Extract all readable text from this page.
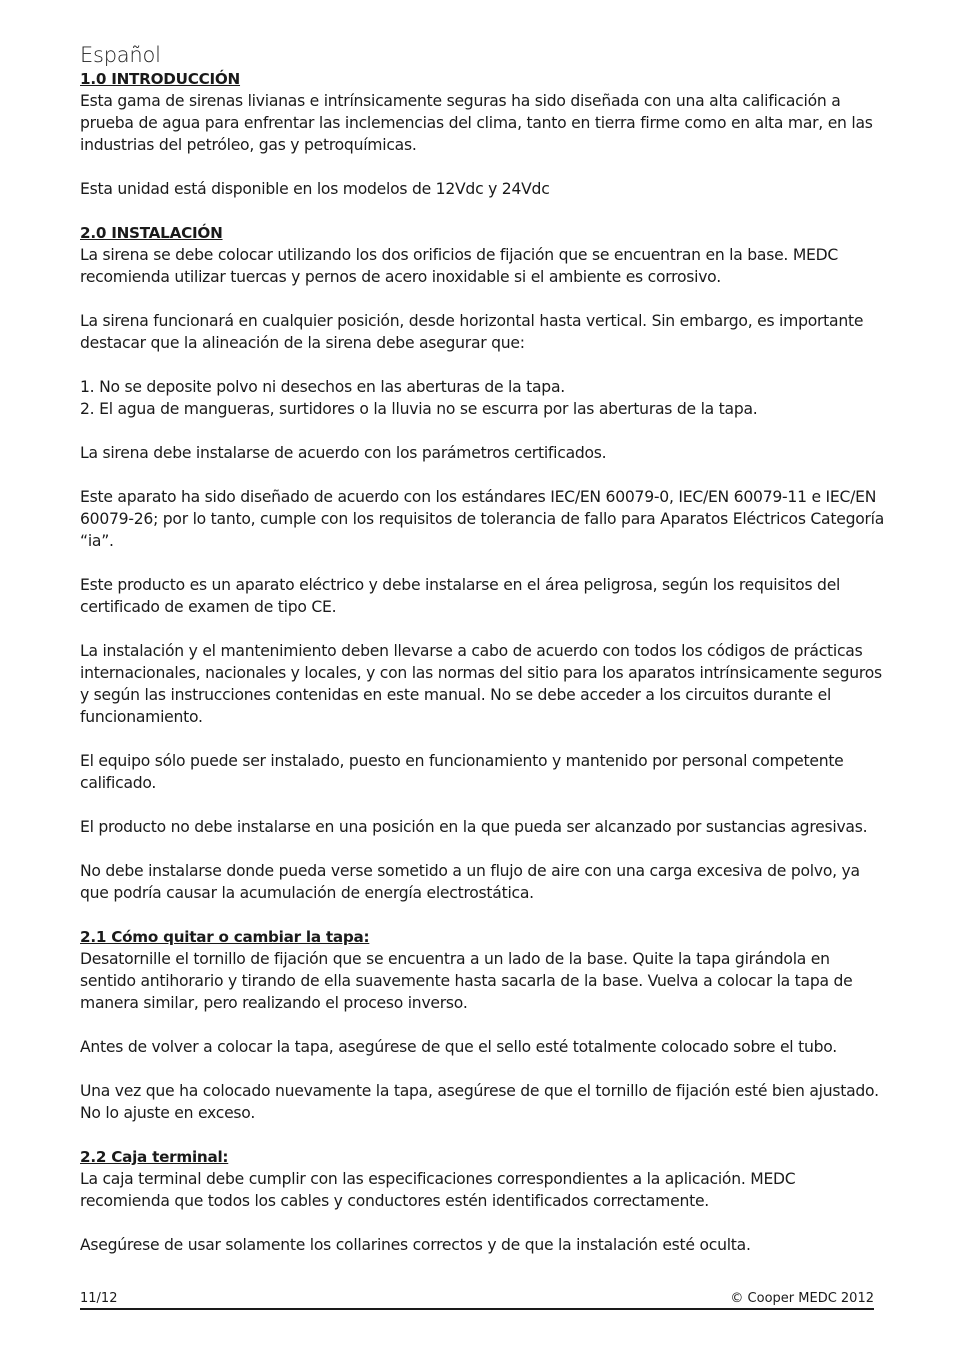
Español
1.0 INTRODUCCIÓN

Esta gama de sirenas livianas e intrínsicamente seguras ha sido diseñada con una alta calificación a prueba de agua para enfrentar las inclemencias del clima, tanto en tierra firme como en alta mar, en las industrias del petróleo, gas y petroquímicas.

Esta unidad está disponible en los modelos de 12Vdc y 24Vdc

2.0 INSTALACIÓN

La sirena se debe colocar utilizando los dos orificios de fijación que se encuentran en la base. MEDC recomienda utilizar tuercas y pernos de acero inoxidable si el ambiente es corrosivo.

La sirena funcionará en cualquier posición, desde horizontal hasta vertical. Sin embargo, es importante destacar que la alineación de la sirena debe asegurar que:

1. No se deposite polvo ni desechos en las aberturas de la tapa.

2. El agua de mangueras, surtidores o la lluvia no se escurra por las aberturas de la tapa.

La sirena debe instalarse de acuerdo con los parámetros certificados.

Este aparato ha sido diseñado de acuerdo con los estándares IEC/EN 60079-0, IEC/EN 60079-11 e IEC/EN 60079-26; por lo tanto, cumple con los requisitos de tolerancia de fallo para Aparatos Eléctricos Categoría “ia”.

Este producto es un aparato eléctrico y debe instalarse en el área peligrosa, según los requisitos del certificado de examen de tipo CE.

La instalación y el mantenimiento deben llevarse a cabo de acuerdo con todos los códigos de prácticas internacionales, nacionales y locales, y con las normas del sitio para los aparatos intrínsicamente seguros y según las instrucciones contenidas en este manual. No se debe acceder a los circuitos durante el funcionamiento.

El equipo sólo puede ser instalado, puesto en funcionamiento y mantenido por personal competente calificado.

El producto no debe instalarse en una posición en la que pueda ser alcanzado por sustancias agresivas.

No debe instalarse donde pueda verse sometido a un flujo de aire con una carga excesiva de polvo, ya que podría causar la acumulación de energía electrostática.

2.1 Cómo quitar o cambiar la tapa:

Desatornille el tornillo de fijación que se encuentra a un lado de la base. Quite la tapa girándola en sentido antihorario y tirando de ella suavemente hasta sacarla de la base. Vuelva a colocar la tapa de manera similar, pero realizando el proceso inverso.

Antes de volver a colocar la tapa, asegúrese de que el sello esté totalmente colocado sobre el tubo.

Una vez que ha colocado nuevamente la tapa, asegúrese de que el tornillo de fijación esté bien ajustado. No lo ajuste en exceso.

2.2 Caja terminal:

La caja terminal debe cumplir con las especificaciones correspondientes a la aplicación. MEDC recomienda que todos los cables y conductores estén identificados correctamente.

Asegúrese de usar solamente los collarines correctos y de que la instalación esté oculta.

11/12	© Cooper MEDC 2012
